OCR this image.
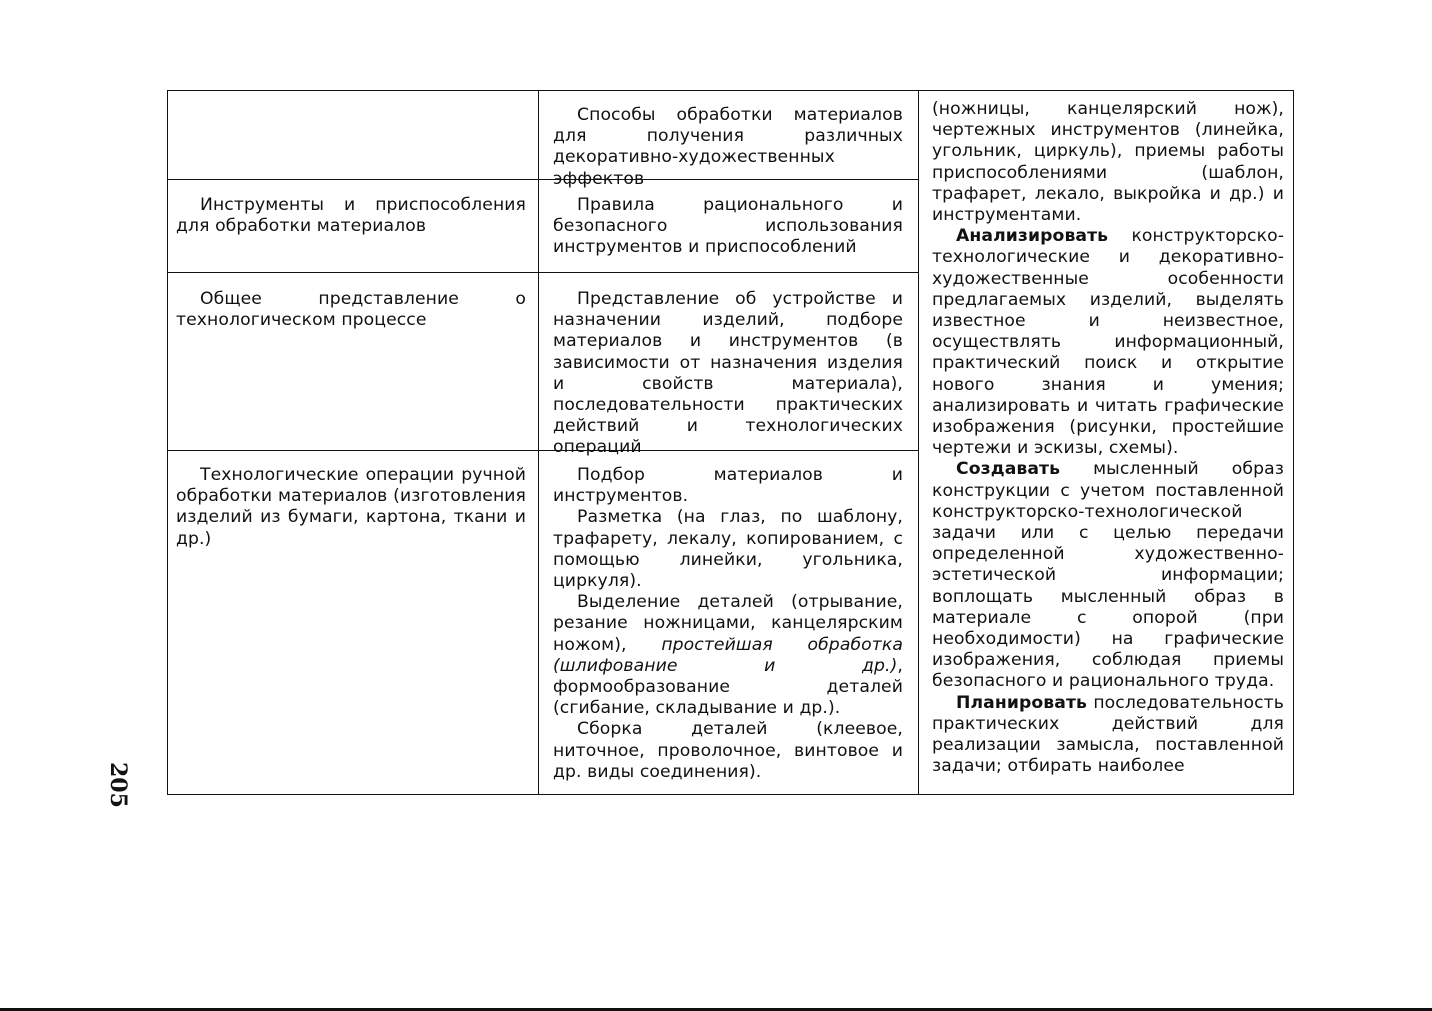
Способы обработки материалов для получения различных декоративно-художественных эффектов

Инструменты и приспособления для обработки материалов

Правила рационального и безопасного использования инструментов и приспособлений

Общее представление о технологическом процессе

Представление об устройстве и назначении изделий, подборе материалов и инструментов (в зависимости от назначения изделия и свойств материала), последовательности практических действий и технологических операций

Технологические операции ручной обработки материалов (изготовления изделий из бумаги, картона, ткани и др.)

Подбор материалов и инструментов.

Разметка (на глаз, по шаблону, трафарету, лекалу, копированием, с помощью линейки, угольника, циркуля).

Выделение деталей (отрывание, резание ножницами, канцелярским ножом), простейшая обработка (шлифование и др.), формообразование деталей (сгибание, складывание и др.).

Сборка деталей (клеевое, ниточное, проволочное, винтовое и др. виды соединения).

(ножницы, канцелярский нож), чертежных инструментов (линейка, угольник, циркуль), приемы работы приспособлениями (шаблон, трафарет, лекало, выкройка и др.) и инструментами.

Анализировать конструкторско-технологические и декоративно-художественные особенности предлагаемых изделий, выделять известное и неизвестное, осуществлять информационный, практический поиск и открытие нового знания и умения; анализировать и читать графические изображения (рисунки, простейшие чертежи и эскизы, схемы).

Создавать мысленный образ конструкции с учетом поставленной конструкторско-технологической задачи или с целью передачи определенной художественно-эстетической информации; воплощать мысленный образ в материале с опорой (при необходимости) на графические изображения, соблюдая приемы безопасного и рационального труда.

Планировать последовательность практических действий для реализации замысла, поставленной задачи; отбирать наиболее

205
